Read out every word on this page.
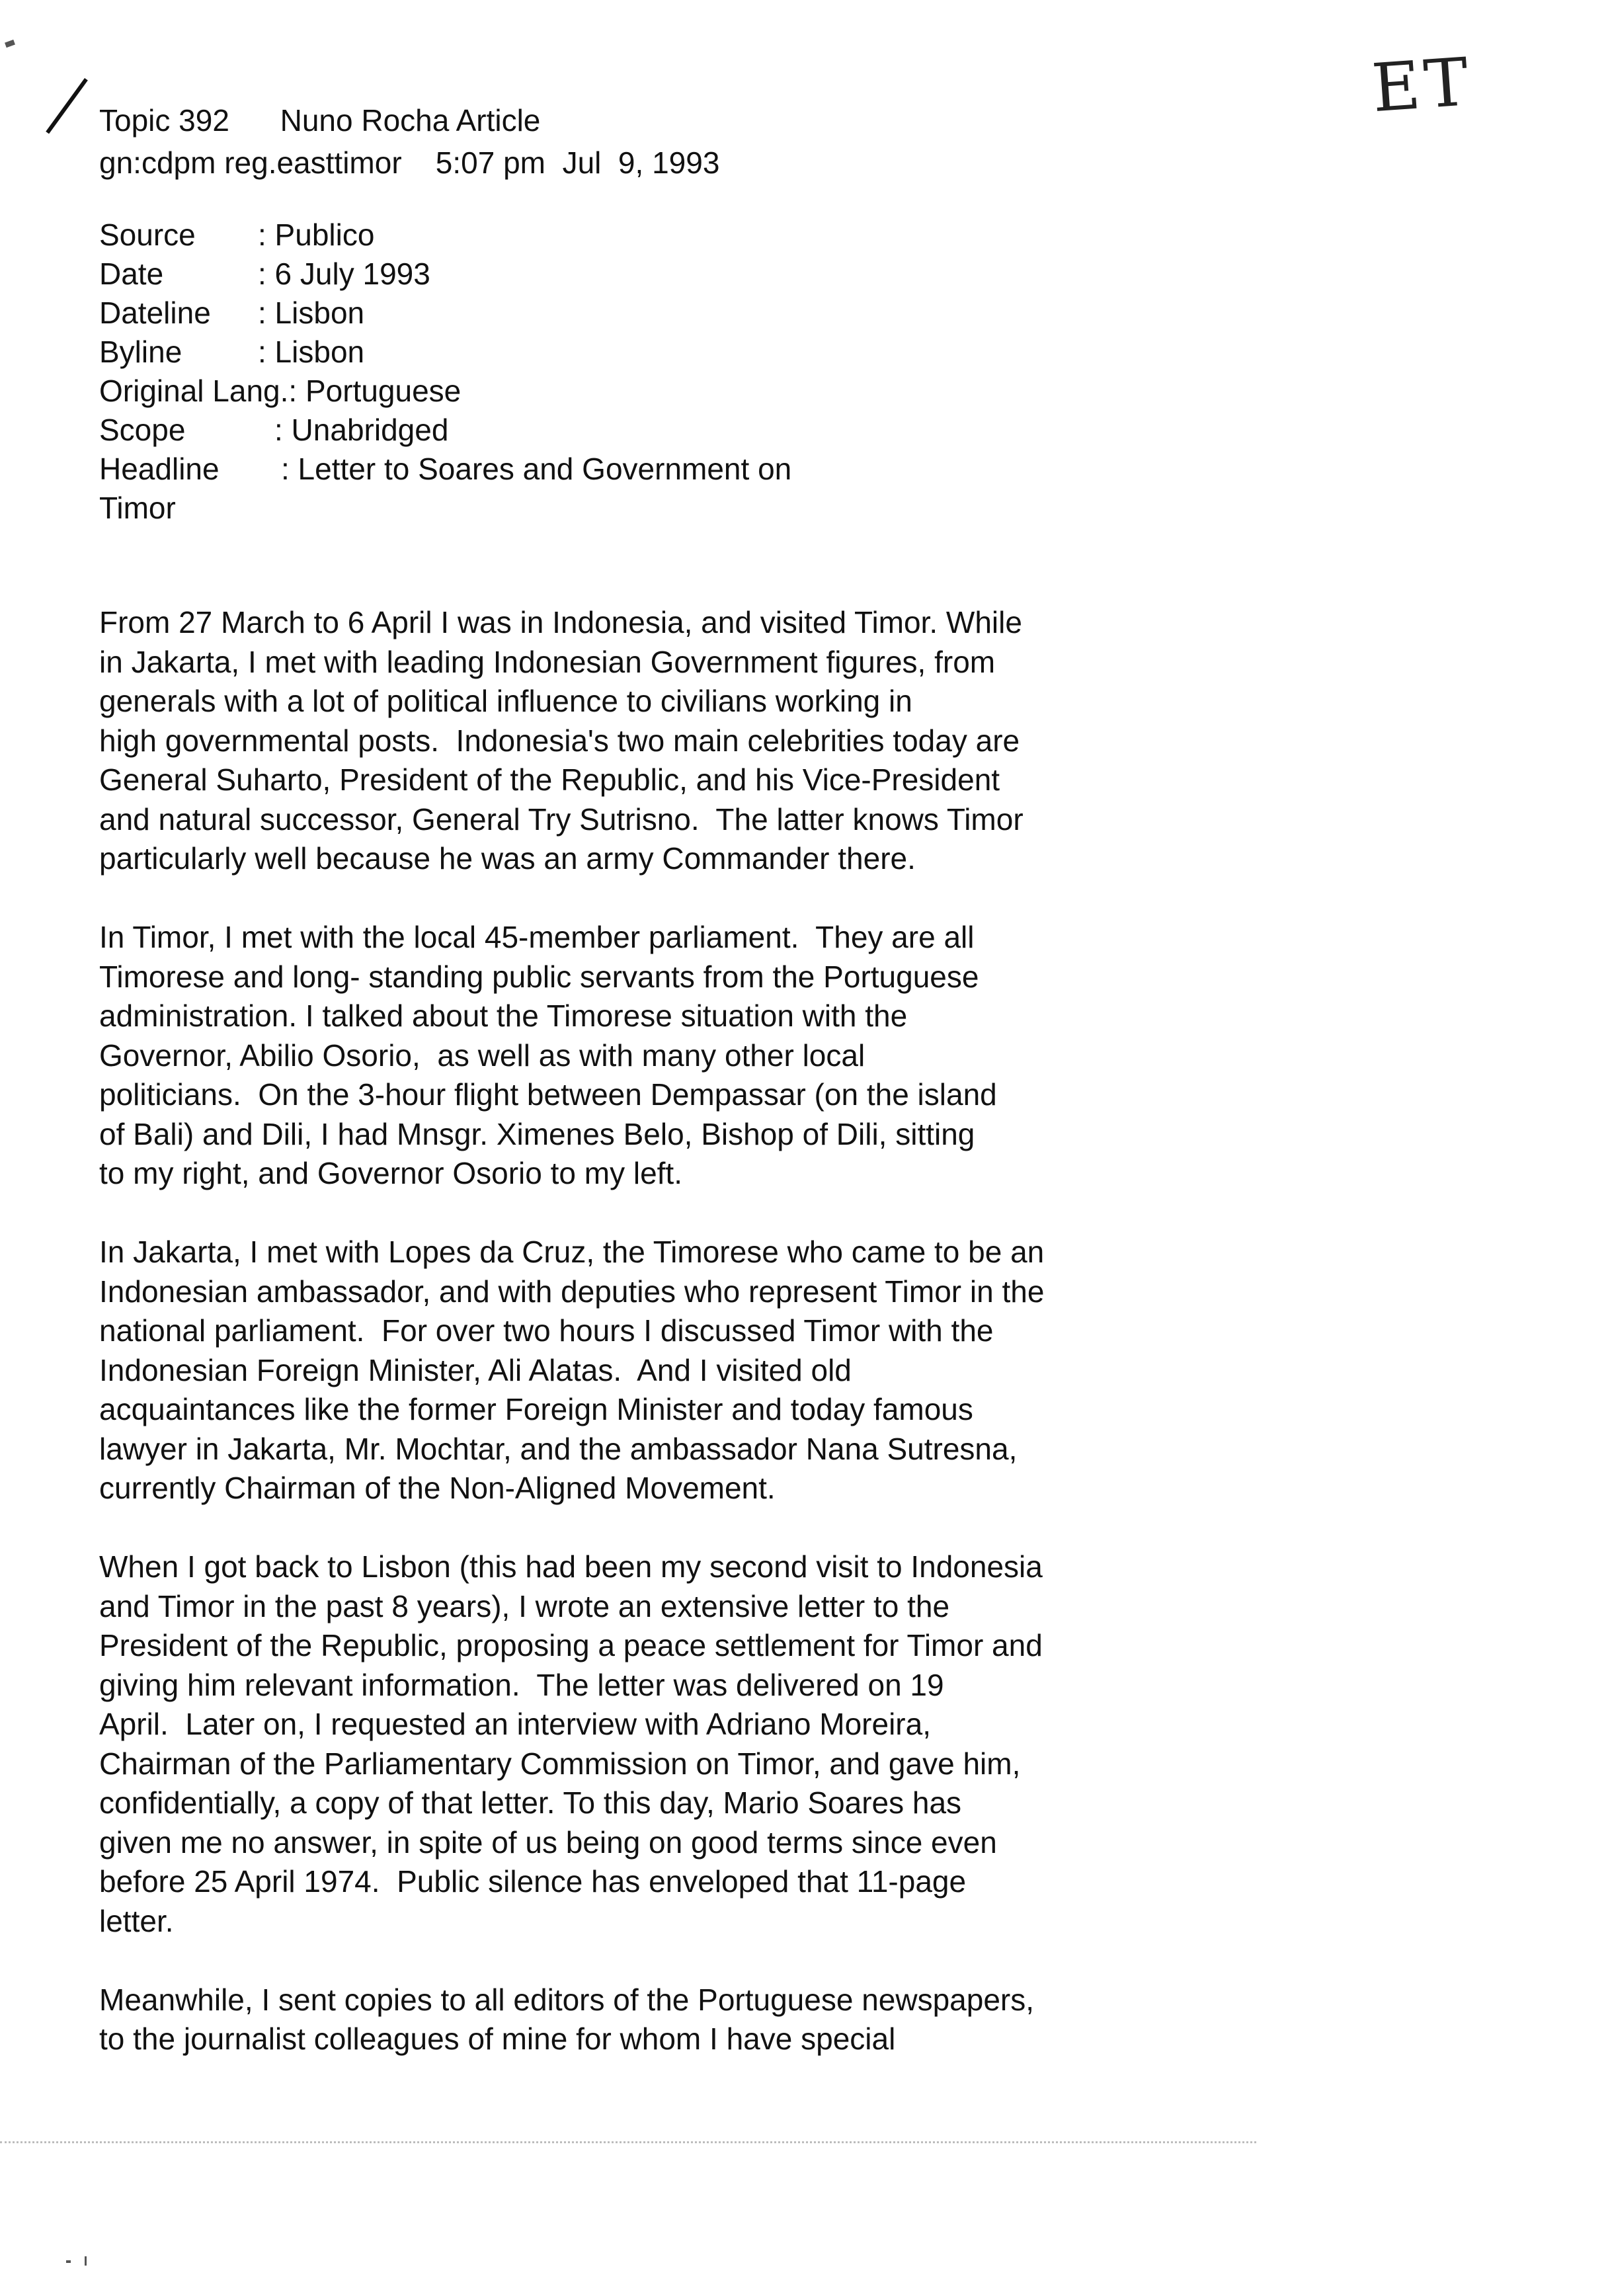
ET
Topic 392 Nuno Rocha Article
gn:cdpm reg.easttimor 5:07 pm Jul  9, 1993
Source	: Publico
Date	: 6 July 1993
Dateline	: Lisbon
Byline	: Lisbon
Original Lang. : Portuguese
Scope	: Unabridged
Headline	: Letter to Soares and Government on
Timor
From 27 March to 6 April I was in Indonesia, and visited Timor. While
in Jakarta, I met with leading Indonesian Government figures, from
generals with a lot of political influence to civilians working in
high governmental posts.  Indonesia's two main celebrities today are
General Suharto, President of the Republic, and his Vice-President
and natural successor, General Try Sutrisno.  The latter knows Timor
particularly well because he was an army Commander there.
In Timor, I met with the local 45-member parliament.  They are all
Timorese and long- standing public servants from the Portuguese
administration. I talked about the Timorese situation with the
Governor, Abilio Osorio,  as well as with many other local
politicians.  On the 3-hour flight between Dempassar (on the island
of Bali) and Dili, I had Mnsgr. Ximenes Belo, Bishop of Dili, sitting
to my right, and Governor Osorio to my left.
In Jakarta, I met with Lopes da Cruz, the Timorese who came to be an
Indonesian ambassador, and with deputies who represent Timor in the
national parliament.  For over two hours I discussed Timor with the
Indonesian Foreign Minister, Ali Alatas.  And I visited old
acquaintances like the former Foreign Minister and today famous
lawyer in Jakarta, Mr. Mochtar, and the ambassador Nana Sutresna,
currently Chairman of the Non-Aligned Movement.
When I got back to Lisbon (this had been my second visit to Indonesia
and Timor in the past 8 years), I wrote an extensive letter to the
President of the Republic, proposing a peace settlement for Timor and
giving him relevant information.  The letter was delivered on 19
April.  Later on, I requested an interview with Adriano Moreira,
Chairman of the Parliamentary Commission on Timor, and gave him,
confidentially, a copy of that letter. To this day, Mario Soares has
given me no answer, in spite of us being on good terms since even
before 25 April 1974.  Public silence has enveloped that 11-page
letter.
Meanwhile, I sent copies to all editors of the Portuguese newspapers,
to the journalist colleagues of mine for whom I have special
